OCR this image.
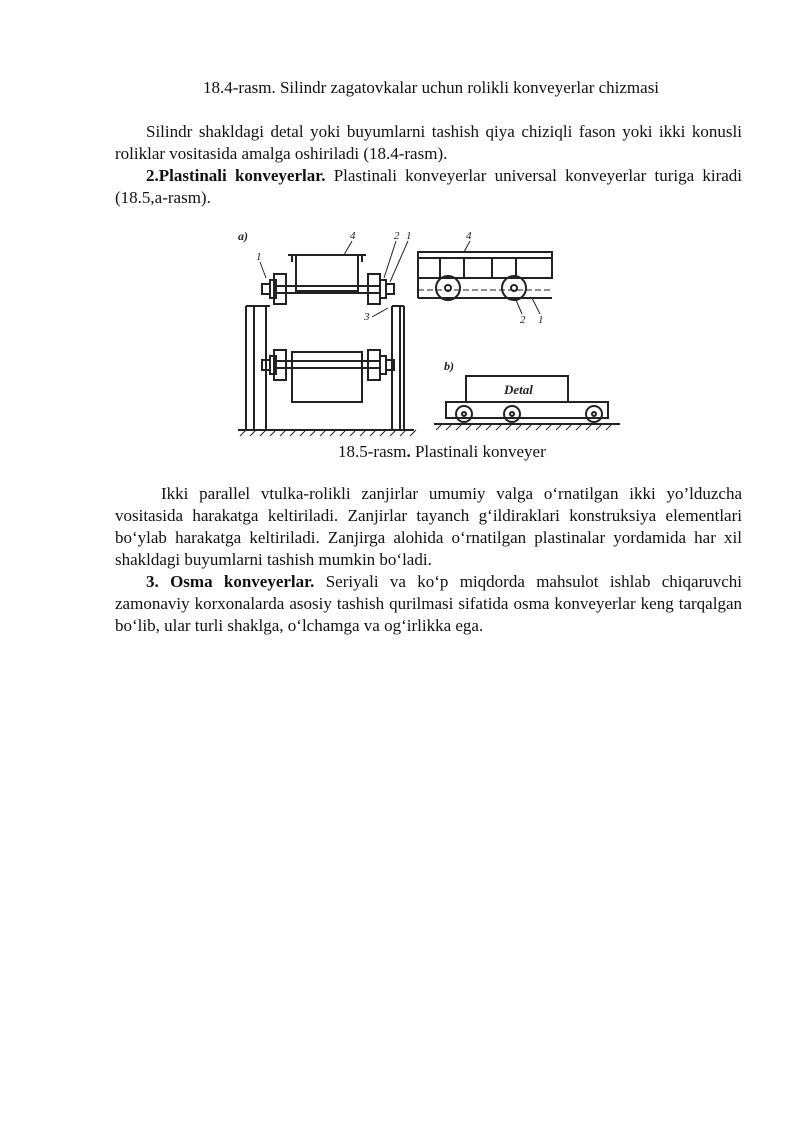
18.4-rasm. Silindr zagatovkalar uchun rolikli konveyerlar chizmasi

Silindr shakldagi detal yoki buyumlarni tashish qiya chiziqli fason yoki ikki konusli roliklar vositasida amalga oshiriladi (18.4-rasm).

2.Plastinali konveyerlar. Plastinali konveyerlar universal konveyerlar turiga kiradi (18.5,a-rasm).

a)
1
4	2 1
3
4
2 1
b)
Detal
18.5-rasm. Plastinali konveyer

Ikki parallel vtulka-rolikli zanjirlar umumiy valga oʻrnatilgan ikki yo’lduzcha vositasida harakatga keltiriladi. Zanjirlar tayanch gʻildiraklari konstruksiya elementlari boʻylab harakatga keltiriladi. Zanjirga alohida oʻrnatilgan plastinalar yordamida har xil shakldagi buyumlarni tashish mumkin boʻladi.

3. Osma konveyerlar. Seriyali va koʻp miqdorda mahsulot ishlab chiqaruvchi zamonaviy korxonalarda asosiy tashish qurilmasi sifatida osma konveyerlar keng tarqalgan boʻlib, ular turli shaklga, oʻlchamga va ogʻirlikka ega.
